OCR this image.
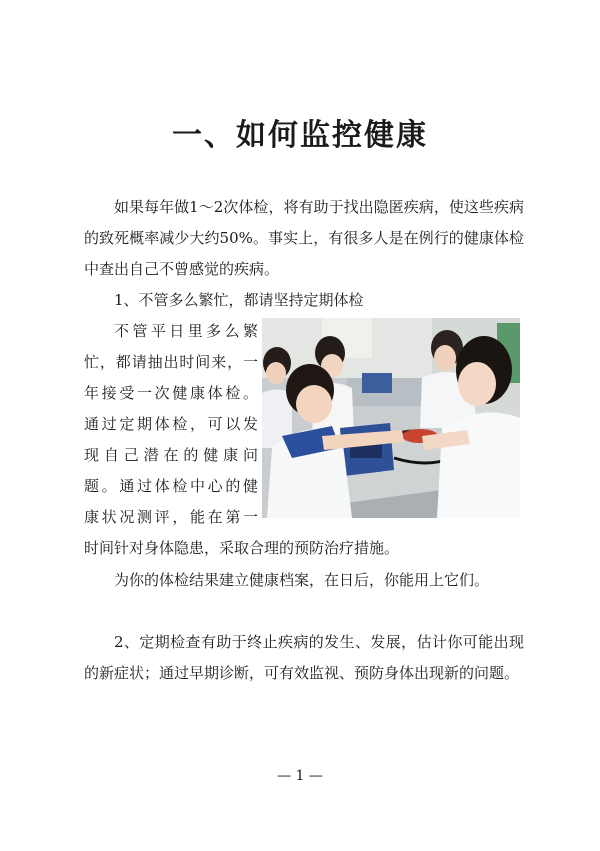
一、如何监控健康
如果每年做1～2次体检，将有助于找出隐匿疾病，使这些疾病的致死概率减少大约50%。事实上，有很多人是在例行的健康体检中查出自己不曾感觉的疾病。
1、不管多么繁忙，都请坚持定期体检
不管平日里多么繁
忙，都请抽出时间来，一
年接受一次健康体检。
通过定期体检，可以发
现自己潜在的健康问
题。通过体检中心的健
康状况测评，能在第一
时间针对身体隐患，采取合理的预防治疗措施。
为你的体检结果建立健康档案，在日后，你能用上它们。
2、定期检查有助于终止疾病的发生、发展，估计你可能出现的新症状；通过早期诊断，可有效监视、预防身体出现新的问题。
— 1 —
